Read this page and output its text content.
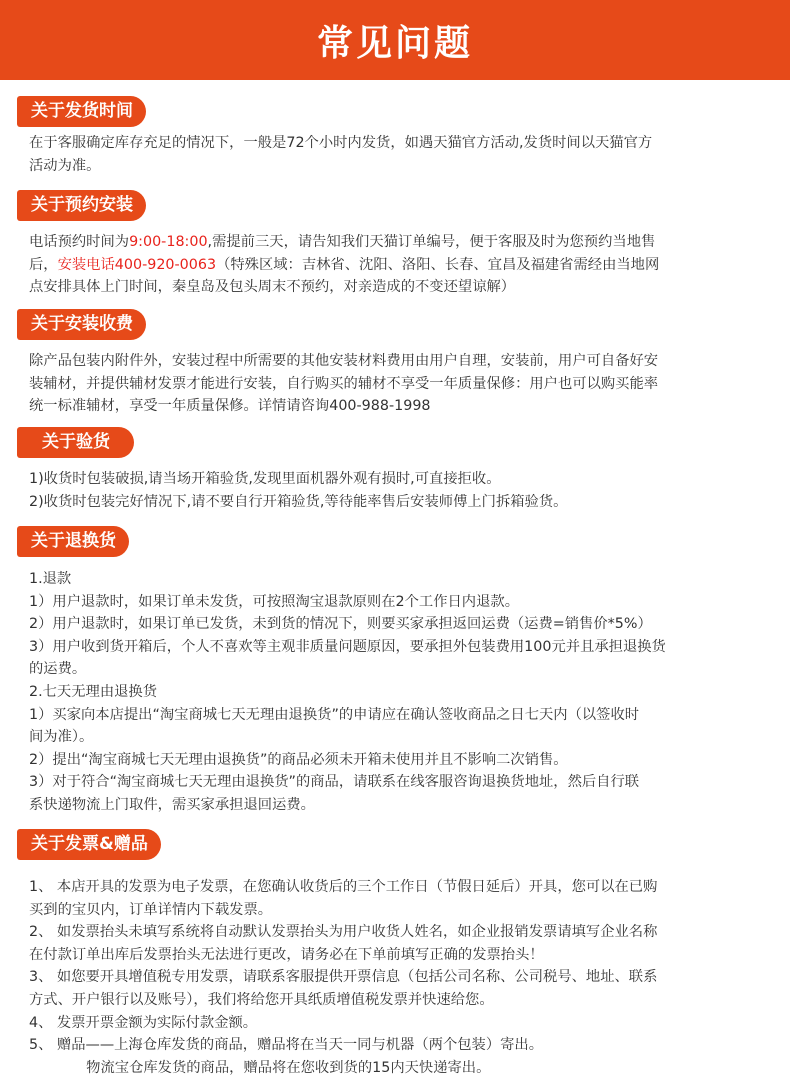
常见问题
关于发货时间
在于客服确定库存充足的情况下，一般是72个小时内发货，如遇天猫官方活动,发货时间以天猫官方
活动为准。
关于预约安装
电话预约时间为9:00-18:00,需提前三天，请告知我们天猫订单编号，便于客服及时为您预约当地售
后，安装电话400-920-0063（特殊区域：吉林省、沈阳、洛阳、长春、宜昌及福建省需经由当地网
点安排具体上门时间，秦皇岛及包头周末不预约，对亲造成的不变还望谅解）
关于安装收费
除产品包装内附件外，安装过程中所需要的其他安装材料费用由用户自理，安装前，用户可自备好安
装辅材，并提供辅材发票才能进行安装，自行购买的辅材不享受一年质量保修：用户也可以购买能率
统一标准辅材，享受一年质量保修。详情请咨询400-988-1998
关于验货
1)收货时包装破损,请当场开箱验货,发现里面机器外观有损时,可直接拒收。
2)收货时包装完好情况下,请不要自行开箱验货,等待能率售后安装师傅上门拆箱验货。
关于退换货
1.退款
1）用户退款时，如果订单未发货，可按照淘宝退款原则在2个工作日内退款。
2）用户退款时，如果订单已发货，未到货的情况下，则要买家承担返回运费（运费=销售价*5%）
3）用户收到货开箱后，个人不喜欢等主观非质量问题原因，要承担外包装费用100元并且承担退换货
的运费。
2.七天无理由退换货
1）买家向本店提出“淘宝商城七天无理由退换货”的申请应在确认签收商品之日七天内（以签收时
间为准）。
2）提出“淘宝商城七天无理由退换货”的商品必须未开箱未使用并且不影响二次销售。
3）对于符合“淘宝商城七天无理由退换货”的商品，请联系在线客服咨询退换货地址，然后自行联
系快递物流上门取件，需买家承担退回运费。
关于发票&赠品
1、 本店开具的发票为电子发票，在您确认收货后的三个工作日（节假日延后）开具，您可以在已购
买到的宝贝内，订单详情内下载发票。
2、 如发票抬头未填写系统将自动默认发票抬头为用户收货人姓名，如企业报销发票请填写企业名称
在付款订单出库后发票抬头无法进行更改，请务必在下单前填写正确的发票抬头！
3、 如您要开具增值税专用发票，请联系客服提供开票信息（包括公司名称、公司税号、地址、联系
方式、开户银行以及账号），我们将给您开具纸质增值税发票并快速给您。
4、 发票开票金额为实际付款金额。
5、 赠品——上海仓库发货的商品，赠品将在当天一同与机器（两个包装）寄出。
　　　　物流宝仓库发货的商品，赠品将在您收到货的15内天快递寄出。
